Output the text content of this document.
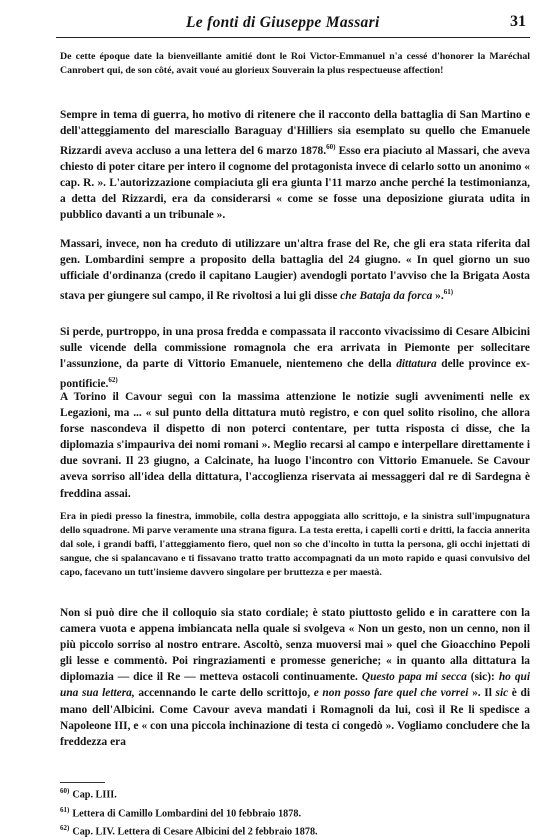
Le fonti di Giuseppe Massari	31

De cette époque date la bienveillante amitié dont le Roi Victor-Emmanuel n'a cessé d'honorer la Maréchal Canrobert qui, de son côté, avait voué au glorieux Souverain la plus respectueuse affection!

Sempre in tema di guerra, ho motivo di ritenere che il racconto della battaglia di San Martino e dell'atteggiamento del maresciallo Baraguay d'Hilliers sia esemplato su quello che Emanuele Rizzardi aveva accluso a una lettera del 6 marzo 1878.$^{60)}$ Esso era piaciuto al Massari, che aveva chiesto di poter citare per intero il cognome del protagonista invece di celarlo sotto un anonimo « cap. R. ». L'autorizzazione compiaciuta gli era giunta l'11 marzo anche perché la testimonianza, a detta del Rizzardi, era da considerarsi « come se fosse una deposizione giurata udita in pubblico davanti a un tribunale ».

Massari, invece, non ha creduto di utilizzare un'altra frase del Re, che gli era stata riferita dal gen. Lombardini sempre a proposito della battaglia del 24 giugno. « In quel giorno un suo ufficiale d'ordinanza (credo il capitano Laugier) avendogli portato l'avviso che la Brigata Aosta stava per giungere sul campo, il Re rivoltosi a lui gli disse che Bataja da forca ».$^{61)}$

Si perde, purtroppo, in una prosa fredda e compassata il racconto vivacissimo di Cesare Albicini sulle vicende della commissione romagnola che era arrivata in Piemonte per sollecitare l'assunzione, da parte di Vittorio Emanuele, nientemeno che della dittatura delle province ex-pontificie.$^{62)}$

A Torino il Cavour seguì con la massima attenzione le notizie sugli avvenimenti nelle ex Legazioni, ma ... « sul punto della dittatura mutò registro, e con quel solito risolino, che allora forse nascondeva il dispetto di non poterci contentare, per tutta risposta ci disse, che la diplomazia s'impauriva dei nomi romani ». Meglio recarsi al campo e interpellare direttamente i due sovrani. Il 23 giugno, a Calcinate, ha luogo l'incontro con Vittorio Emanuele. Se Cavour aveva sorriso all'idea della dittatura, l'accoglienza riservata ai messaggeri dal re di Sardegna è freddina assai.

Era in piedi presso la finestra, immobile, colla destra appoggiata allo scrittojo, e la sinistra sull'impugnatura dello squadrone. Mi parve veramente una strana figura. La testa eretta, i capelli corti e dritti, la faccia annerita dal sole, i grandi baffi, l'atteggiamento fiero, quel non so che d'incolto in tutta la persona, gli occhi injettati di sangue, che si spalancavano e ti fissavano tratto tratto accompagnati da un moto rapido e quasi convulsivo del capo, facevano un tutt'insieme davvero singolare per bruttezza e per maestà.

Non si può dire che il colloquio sia stato cordiale; è stato piuttosto gelido e in carattere con la camera vuota e appena imbiancata nella quale si svolgeva « Non un gesto, non un cenno, non il più piccolo sorriso al nostro entrare. Ascoltò, senza muoversi mai » quel che Gioacchino Pepoli gli lesse e commentò. Poi ringraziamenti e promesse generiche; « in quanto alla dittatura la diplomazia — dice il Re — metteva ostacoli continuamente. Questo papa mi secca (sic): ho qui una sua lettera, accennando le carte dello scrittojo, e non posso fare quel che vorrei ». Il sic è di mano dell'Albicini. Come Cavour aveva mandati i Romagnoli da lui, così il Re li spedisce a Napoleone III, e « con una piccola inchinazione di testa ci congedò ». Vogliamo concludere che la freddezza era

$^{60)}$ Cap. LIII.
$^{61)}$ Lettera di Camillo Lombardini del 10 febbraio 1878.
$^{62)}$ Cap. LIV. Lettera di Cesare Albicini del 2 febbraio 1878.
